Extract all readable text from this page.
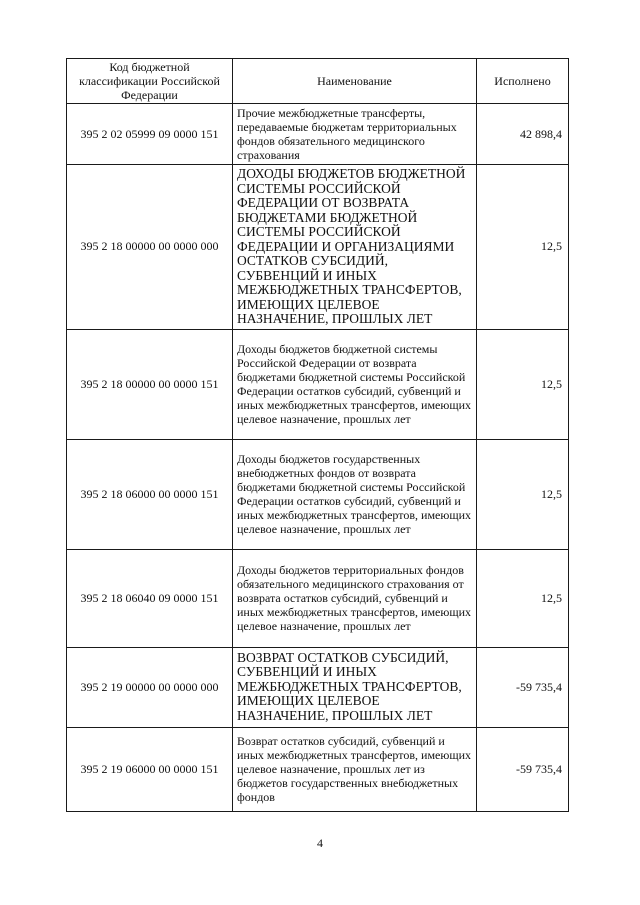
Код бюджетной классификации Российской Федерации	Наименование	Исполнено
395 2 02 05999 09 0000 151	Прочие межбюджетные трансферты, передаваемые бюджетам территориальных фондов обязательного медицинского страхования	42 898,4
395 2 18 00000 00 0000 000	ДОХОДЫ БЮДЖЕТОВ БЮДЖЕТНОЙ СИСТЕМЫ РОССИЙСКОЙ ФЕДЕРАЦИИ ОТ ВОЗВРАТА БЮДЖЕТАМИ БЮДЖЕТНОЙ СИСТЕМЫ РОССИЙСКОЙ ФЕДЕРАЦИИ И ОРГАНИЗАЦИЯМИ ОСТАТКОВ СУБСИДИЙ, СУБВЕНЦИЙ И ИНЫХ МЕЖБЮДЖЕТНЫХ ТРАНСФЕРТОВ, ИМЕЮЩИХ ЦЕЛЕВОЕ НАЗНАЧЕНИЕ, ПРОШЛЫХ ЛЕТ	12,5
395 2 18 00000 00 0000 151	Доходы бюджетов бюджетной системы Российской Федерации от возврата бюджетами бюджетной системы Российской Федерации остатков субсидий, субвенций и иных межбюджетных трансфертов, имеющих целевое назначение, прошлых лет	12,5
395 2 18 06000 00 0000 151	Доходы бюджетов государственных внебюджетных фондов от возврата бюджетами бюджетной системы Российской Федерации остатков субсидий, субвенций и иных межбюджетных трансфертов, имеющих целевое назначение, прошлых лет	12,5
395 2 18 06040 09 0000 151	Доходы бюджетов территориальных фондов обязательного медицинского страхования от возврата остатков субсидий, субвенций и иных межбюджетных трансфертов, имеющих целевое назначение, прошлых лет	12,5
395 2 19 00000 00 0000 000	ВОЗВРАТ ОСТАТКОВ СУБСИДИЙ, СУБВЕНЦИЙ И ИНЫХ МЕЖБЮДЖЕТНЫХ ТРАНСФЕРТОВ, ИМЕЮЩИХ ЦЕЛЕВОЕ НАЗНАЧЕНИЕ, ПРОШЛЫХ ЛЕТ	-59 735,4
395 2 19 06000 00 0000 151	Возврат остатков субсидий, субвенций и иных межбюджетных трансфертов, имеющих целевое назначение, прошлых лет из бюджетов государственных внебюджетных фондов	-59 735,4
4
